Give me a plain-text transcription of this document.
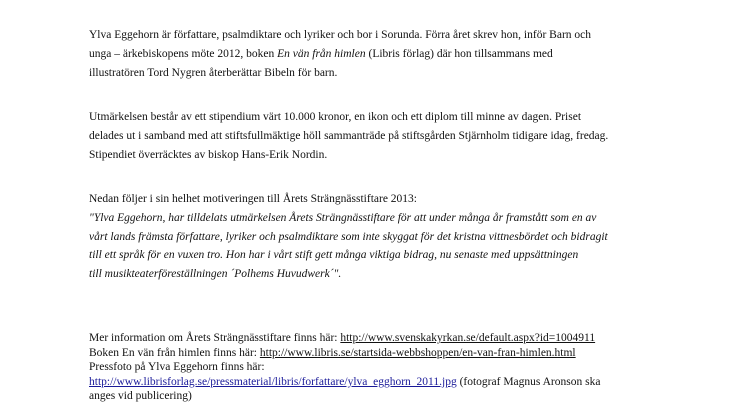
Ylva Eggehorn är författare, psalmdiktare och lyriker och bor i Sorunda. Förra året skrev hon, inför Barn och
unga – ärkebiskopens möte 2012, boken En vän från himlen (Libris förlag) där hon tillsammans med
illustratören Tord Nygren återberättar Bibeln för barn.
Utmärkelsen består av ett stipendium värt 10.000 kronor, en ikon och ett diplom till minne av dagen. Priset
delades ut i samband med att stiftsfullmäktige höll sammanträde på stiftsgården Stjärnholm tidigare idag, fredag.
Stipendiet överräcktes av biskop Hans-Erik Nordin.
Nedan följer i sin helhet motiveringen till Årets Strängnässtiftare 2013:
"Ylva Eggehorn, har tilldelats utmärkelsen Årets Strängnässtiftare för att under många år framstått som en av
vårt lands främsta författare, lyriker och psalmdiktare som inte skyggat för det kristna vittnesbördet och bidragit
till ett språk för en vuxen tro. Hon har i vårt stift gett många viktiga bidrag, nu senaste med uppsättningen
till musikteaterföreställningen ´Polhems Huvudwerk´".
Mer information om Årets Strängnässtiftare finns här: http://www.svenskakyrkan.se/default.aspx?id=1004911
Boken En vän från himlen finns här: http://www.libris.se/startsida-webbshoppen/en-van-fran-himlen.html
Pressfoto på Ylva Eggehorn finns här:
http://www.librisforlag.se/pressmaterial/libris/forfattare/ylva_egghorn_2011.jpg (fotograf Magnus Aronson ska
anges vid publicering)
